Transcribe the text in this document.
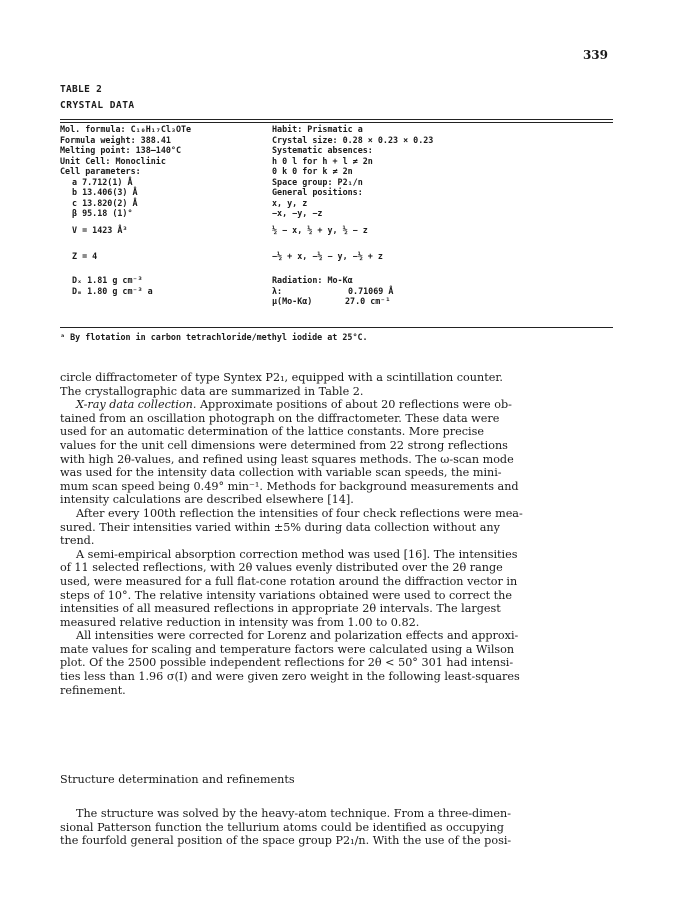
339
TABLE 2
CRYSTAL DATA
Mol. formula: C₁₀H₁₇Cl₃OTe
Formula weight: 388.41
Melting point: 138—140°C
Unit Cell: Monoclinic
Cell parameters:
a 7.712(1) Å
b 13.406(3) Å
c 13.820(2) Å
β 95.18 (1)°
V = 1423 Å³
Z = 4
Dₓ 1.81 g cm⁻³
Dₘ 1.80 g cm⁻³ a
Habit: Prismatic a
Crystal size: 0.28 × 0.23 × 0.23
Systematic absences:
h 0 l for h + l ≠ 2n
0 k 0 for k ≠ 2n
Space group: P2₁/n
General positions:
x, y, z
−x, −y, −z
½ − x, ½ + y, ½ − z
−½ + x, −½ − y, −½ + z
Radiation: Mo-Kα
λ:	0.71069 Å
μ(Mo-Kα)	27.0 cm⁻¹
ᵃ By flotation in carbon tetrachloride/methyl iodide at 25°C.
circle diffractometer of type Syntex P2₁, equipped with a scintillation counter.
The crystallographic data are summarized in Table 2.
X-ray data collection. Approximate positions of about 20 reflections were ob-
tained from an oscillation photograph on the diffractometer. These data were
used for an automatic determination of the lattice constants. More precise
values for the unit cell dimensions were determined from 22 strong reflections
with high 2θ-values, and refined using least squares methods. The ω-scan mode
was used for the intensity data collection with variable scan speeds, the mini-
mum scan speed being 0.49° min⁻¹. Methods for background measurements and
intensity calculations are described elsewhere [14].
After every 100th reflection the intensities of four check reflections were mea-
sured. Their intensities varied within ±5% during data collection without any
trend.
A semi-empirical absorption correction method was used [16]. The intensities
of 11 selected reflections, with 2θ values evenly distributed over the 2θ range
used, were measured for a full flat-cone rotation around the diffraction vector in
steps of 10°. The relative intensity variations obtained were used to correct the
intensities of all measured reflections in appropriate 2θ intervals. The largest
measured relative reduction in intensity was from 1.00 to 0.82.
All intensities were corrected for Lorenz and polarization effects and approxi-
mate values for scaling and temperature factors were calculated using a Wilson
plot. Of the 2500 possible independent reflections for 2θ < 50° 301 had intensi-
ties less than 1.96 σ(I) and were given zero weight in the following least-squares
refinement.
Structure determination and refinements
The structure was solved by the heavy-atom technique. From a three-dimen-
sional Patterson function the tellurium atoms could be identified as occupying
the fourfold general position of the space group P2₁/n. With the use of the posi-
